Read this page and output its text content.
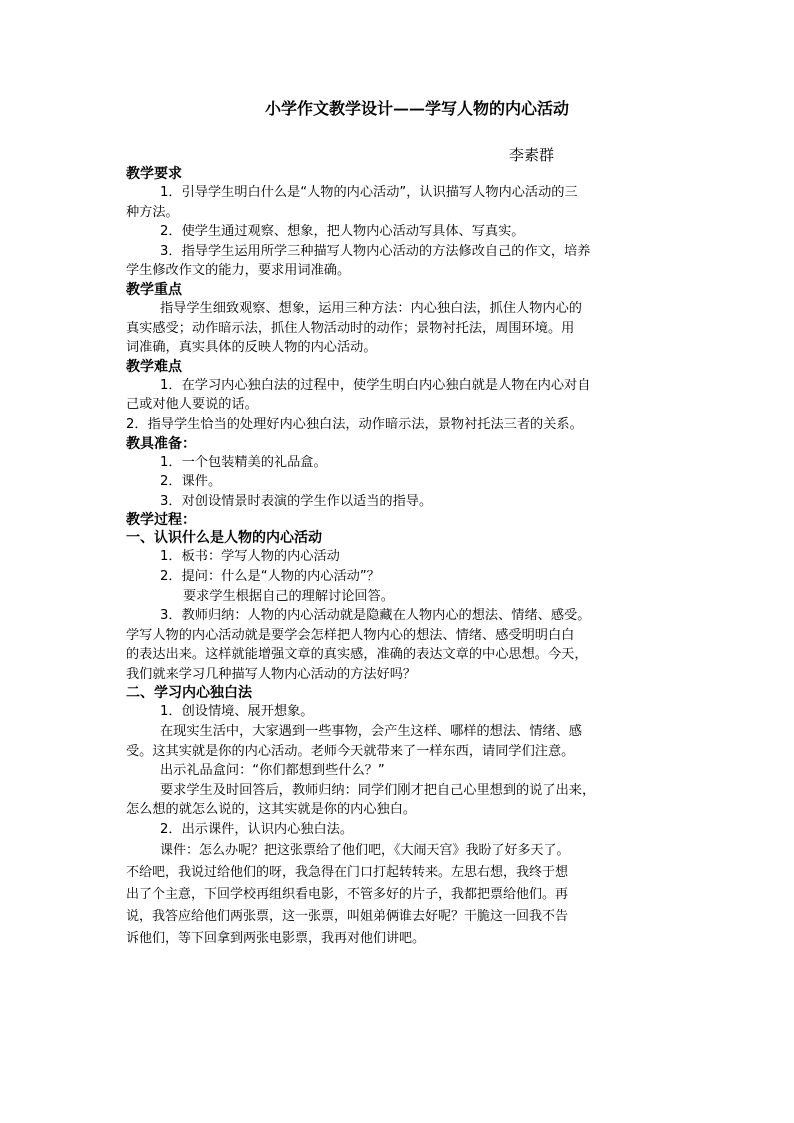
小学作文教学设计——学写人物的内心活动

李素群

教学要求

1．引导学生明白什么是“人物的内心活动”，认识描写人物内心活动的三

种方法。

2．使学生通过观察、想象，把人物内心活动写具体、写真实。

3．指导学生运用所学三种描写人物内心活动的方法修改自己的作文，培养

学生修改作文的能力，要求用词准确。

教学重点

指导学生细致观察、想象，运用三种方法：内心独白法，抓住人物内心的

真实感受；动作暗示法，抓住人物活动时的动作；景物衬托法，周围环境。用

词准确，真实具体的反映人物的内心活动。

教学难点

1．在学习内心独白法的过程中，使学生明白内心独白就是人物在内心对自

己或对他人要说的话。

2．指导学生恰当的处理好内心独白法，动作暗示法，景物衬托法三者的关系。

教具准备：

1．一个包装精美的礼品盒。

2．课件。

3．对创设情景时表演的学生作以适当的指导。

教学过程：

一、认识什么是人物的内心活动

1．板书：学写人物的内心活动

2．提问：什么是“人物的内心活动”？

要求学生根据自己的理解讨论回答。

3．教师归纳：人物的内心活动就是隐藏在人物内心的想法、情绪、感受。

学写人物的内心活动就是要学会怎样把人物内心的想法、情绪、感受明明白白

的表达出来。这样就能增强文章的真实感，准确的表达文章的中心思想。今天，

我们就来学习几种描写人物内心活动的方法好吗？

二、学习内心独白法

1．创设情境、展开想象。

在现实生活中，大家遇到一些事物，会产生这样、哪样的想法、情绪、感

受。这其实就是你的内心活动。老师今天就带来了一样东西，请同学们注意。

出示礼品盒问：“你们都想到些什么？”

要求学生及时回答后，教师归纳：同学们刚才把自己心里想到的说了出来，

怎么想的就怎么说的，这其实就是你的内心独白。

2．出示课件，认识内心独白法。

课件：怎么办呢？把这张票给了他们吧，《大闹天宫》我盼了好多天了。

不给吧，我说过给他们的呀，我急得在门口打起转转来。左思右想，我终于想

出了个主意，下回学校再组织看电影，不管多好的片子，我都把票给他们。再

说，我答应给他们两张票，这一张票，叫姐弟俩谁去好呢？干脆这一回我不告

诉他们，等下回拿到两张电影票，我再对他们讲吧。
